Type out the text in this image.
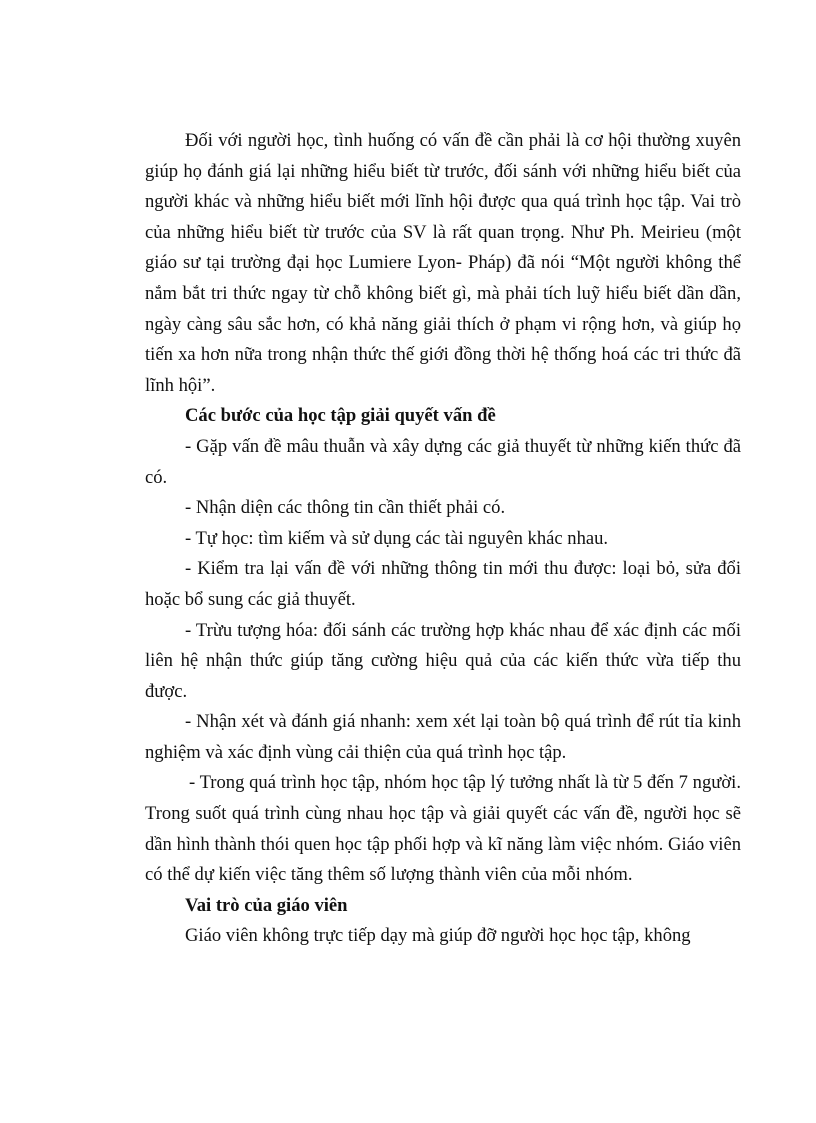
Đối với người học, tình huống có vấn đề cần phải là cơ hội thường xuyên giúp họ đánh giá lại những hiểu biết từ trước, đối sánh với những hiểu biết của người khác và những hiểu biết mới lĩnh hội được qua quá trình học tập. Vai trò của những hiểu biết từ trước của SV là rất quan trọng. Như Ph. Meirieu (một giáo sư tại trường đại học Lumiere Lyon- Pháp) đã nói “Một người không thể nắm bắt tri thức ngay từ chỗ không biết gì, mà phải tích luỹ hiểu biết dần dần, ngày càng sâu sắc hơn, có khả năng giải thích ở phạm vi rộng hơn, và giúp họ tiến xa hơn nữa trong nhận thức thế giới đồng thời hệ thống hoá các tri thức đã lĩnh hội”.

Các bước của học tập giải quyết vấn đề

- Gặp vấn đề mâu thuẫn và xây dựng các giả thuyết từ những kiến thức đã có.

- Nhận diện các thông tin cần thiết phải có.

- Tự học: tìm kiếm và sử dụng các tài nguyên khác nhau.

- Kiểm tra lại vấn đề với những thông tin mới thu được: loại bỏ, sửa đổi hoặc bổ sung các giả thuyết.

- Trừu tượng hóa: đối sánh các trường hợp khác nhau để xác định các mối liên hệ nhận thức giúp tăng cường hiệu quả của các kiến thức vừa tiếp thu được.

- Nhận xét và đánh giá nhanh: xem xét lại toàn bộ quá trình để rút tỉa kinh nghiệm và xác định vùng cải thiện của quá trình học tập.

- Trong quá trình học tập, nhóm học tập lý tưởng nhất là từ 5 đến 7 người. Trong suốt quá trình cùng nhau học tập và giải quyết các vấn đề, người học sẽ dần hình thành thói quen học tập phối hợp và kĩ năng làm việc nhóm. Giáo viên có thể dự kiến việc tăng thêm số lượng thành viên của mỗi nhóm.

Vai trò của giáo viên

Giáo viên không trực tiếp dạy mà giúp đỡ người học học tập, không
